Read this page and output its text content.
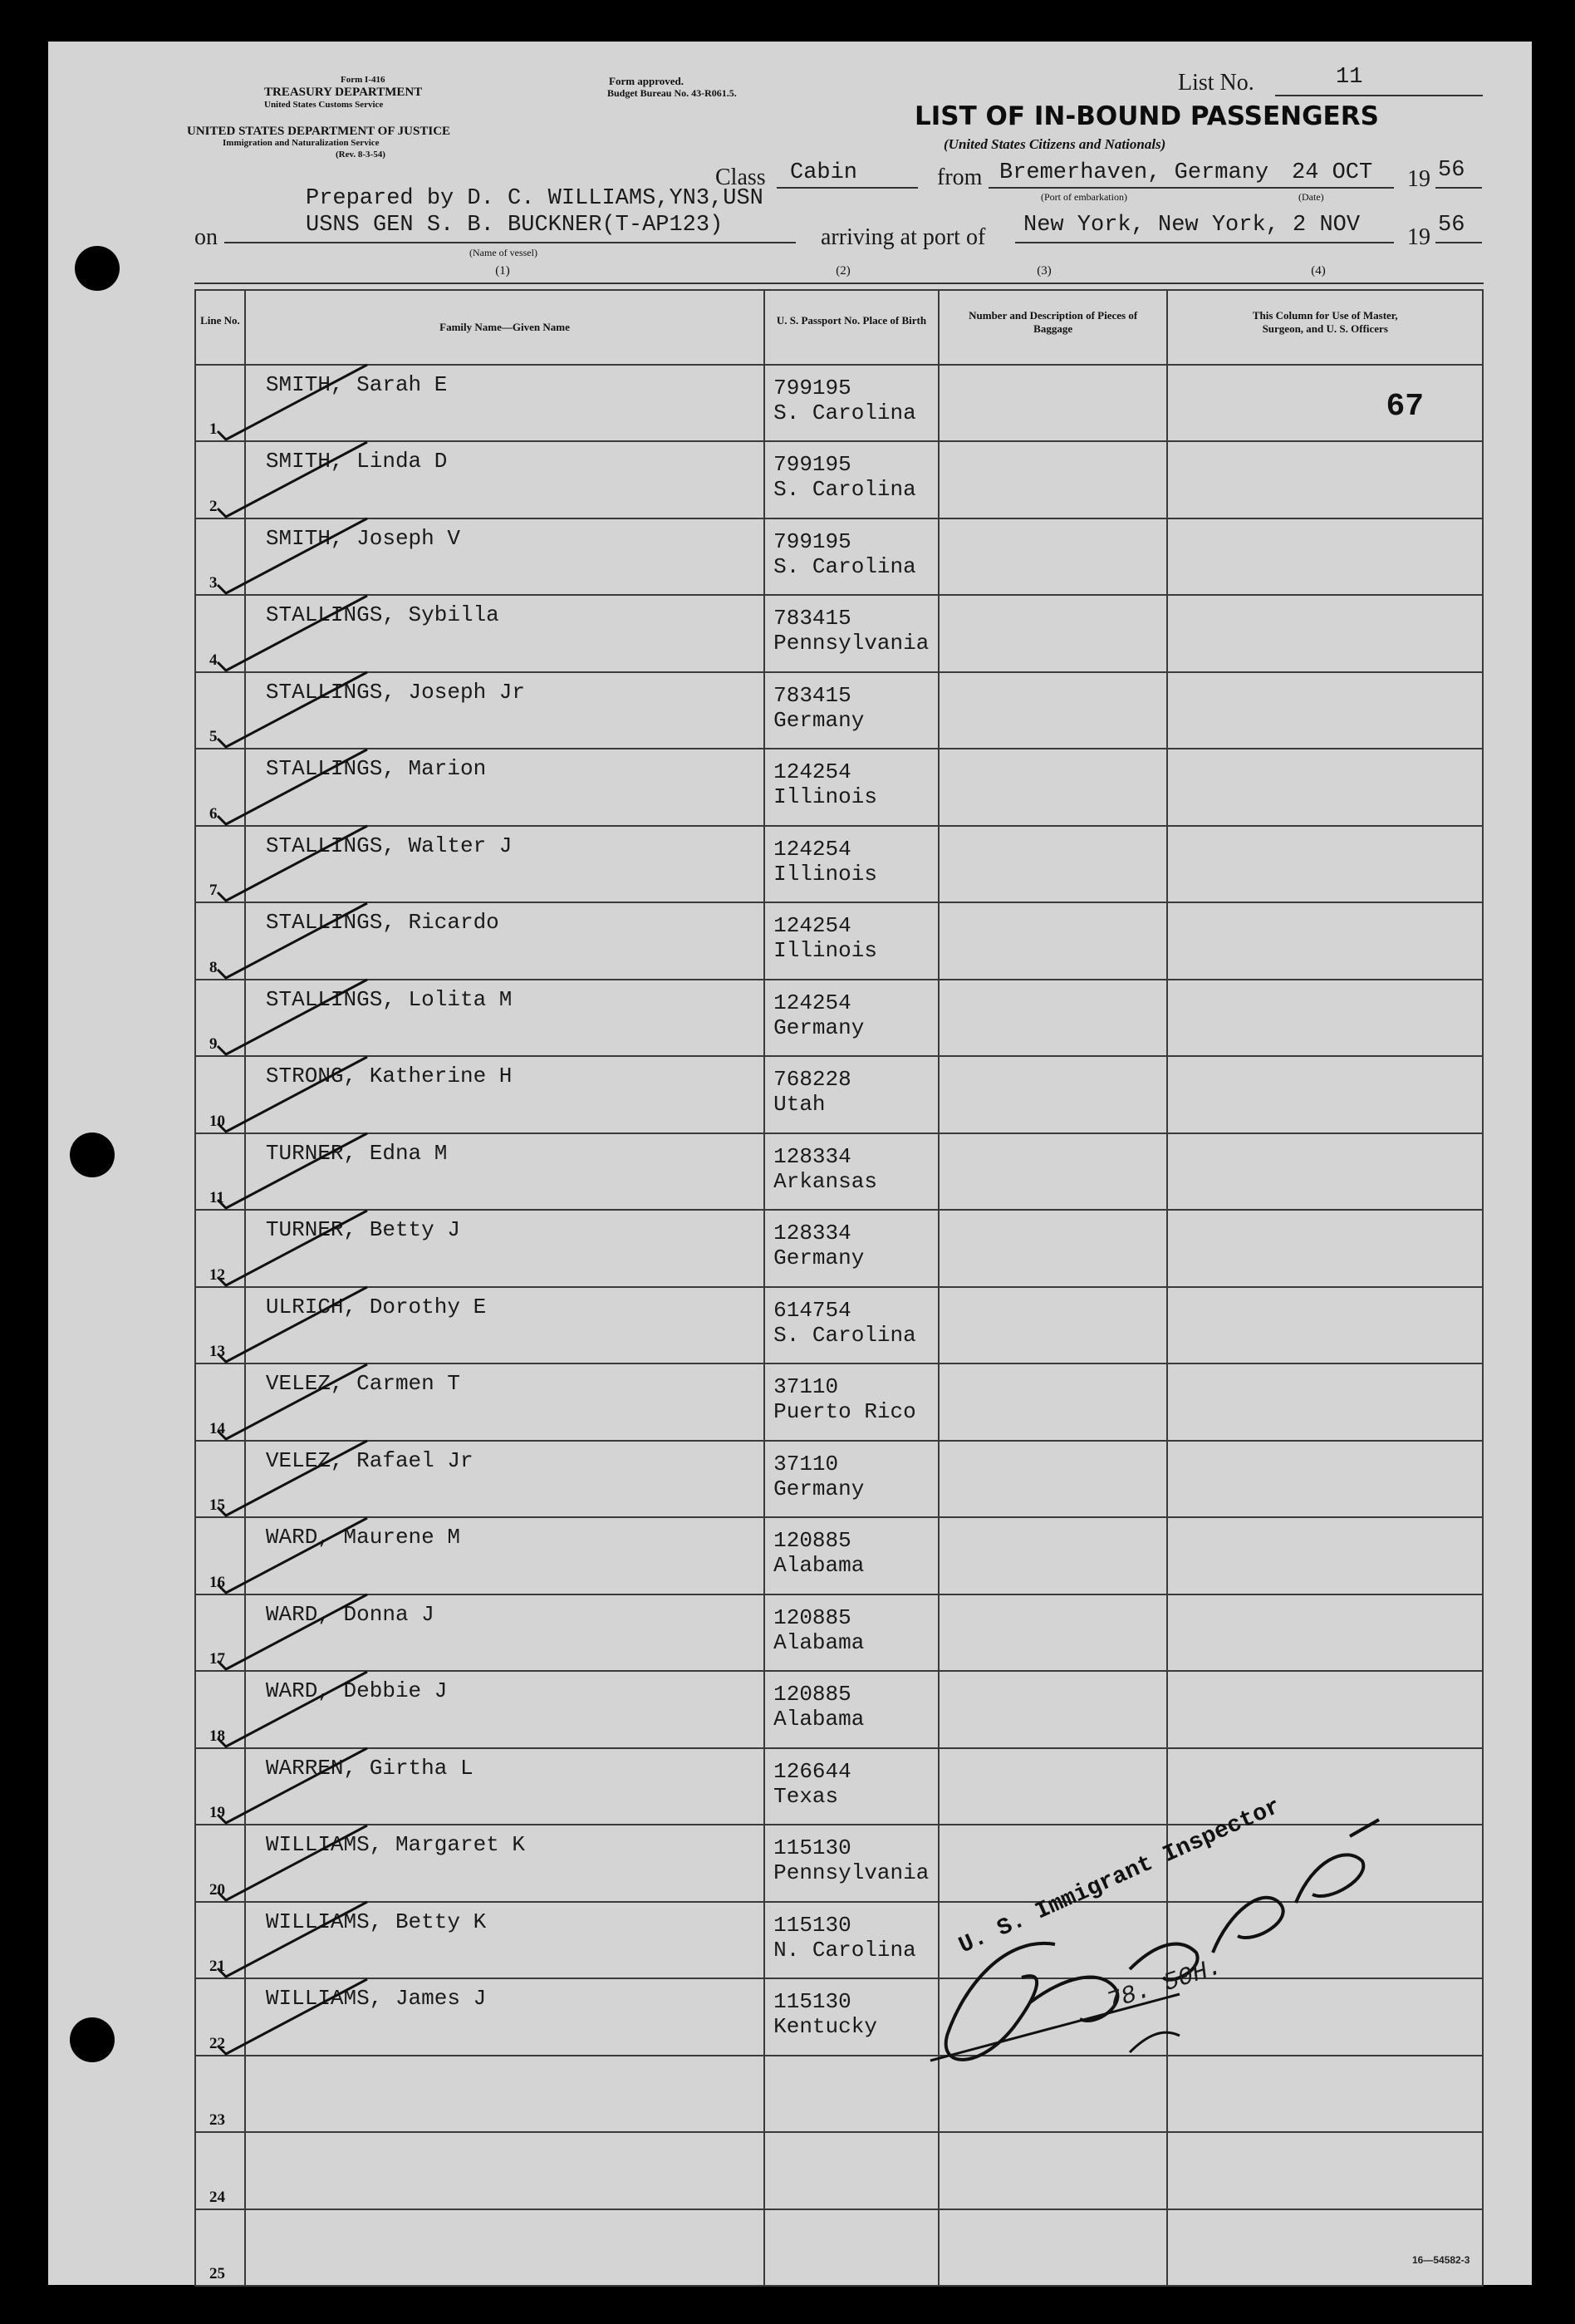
Form I-416
TREASURY DEPARTMENT
United States Customs Service
UNITED STATES DEPARTMENT OF JUSTICE
Immigration and Naturalization Service
(Rev. 8-3-54)
Form approved.
Budget Bureau No. 43-R061.5.	List No.	11
LIST OF IN-BOUND PASSENGERS
(United States Citizens and Nationals)
Class Cabin	from Bremerhaven, Germany 24 OCT 19 56
(Port of embarkation)	(Date)
Prepared by D. C. WILLIAMS,YN3,USN
on	USNS GEN S. B. BUCKNER(T-AP123)
(Name of vessel)
arriving at port of New York, New York, 2 NOV 19 56
(1)	(2)	(3)	(4)
Line No.	Family Name—Given Name	U. S. Passport No. Place of Birth	Number and Description of Pieces of Baggage	This Column for Use of Master, Surgeon, and U. S. Officers

1	SMITH, Sarah E	799195
S. Carolina		67

2	SMITH, Linda D	799195
S. Carolina		

3	SMITH, Joseph V	799195
S. Carolina		

4	STALLINGS, Sybilla	783415
Pennsylvania		

5	STALLINGS, Joseph Jr	783415
Germany		

6	STALLINGS, Marion	124254
Illinois		

7	STALLINGS, Walter J	124254
Illinois		

8	STALLINGS, Ricardo	124254
Illinois		

9	STALLINGS, Lolita M	124254
Germany		

10	STRONG, Katherine H	768228
Utah		

11	TURNER, Edna M	128334
Arkansas		

12	TURNER, Betty J	128334
Germany		

13	ULRICH, Dorothy E	614754
S. Carolina		

14	VELEZ, Carmen T	37110
Puerto Rico		

15	VELEZ, Rafael Jr	37110
Germany		

16	WARD, Maurene M	120885
Alabama		

17	WARD, Donna J	120885
Alabama		

18	WARD, Debbie J	120885
Alabama		

19	WARREN, Girtha L	126644
Texas		

20	WILLIAMS, Margaret K	115130
Pennsylvania		

21	WILLIAMS, Betty K	115130
N. Carolina		

22	WILLIAMS, James J	115130
Kentucky		

23				

24				

25				

U. S. Immigrant Inspector
78. 50H.
16—54582-3
